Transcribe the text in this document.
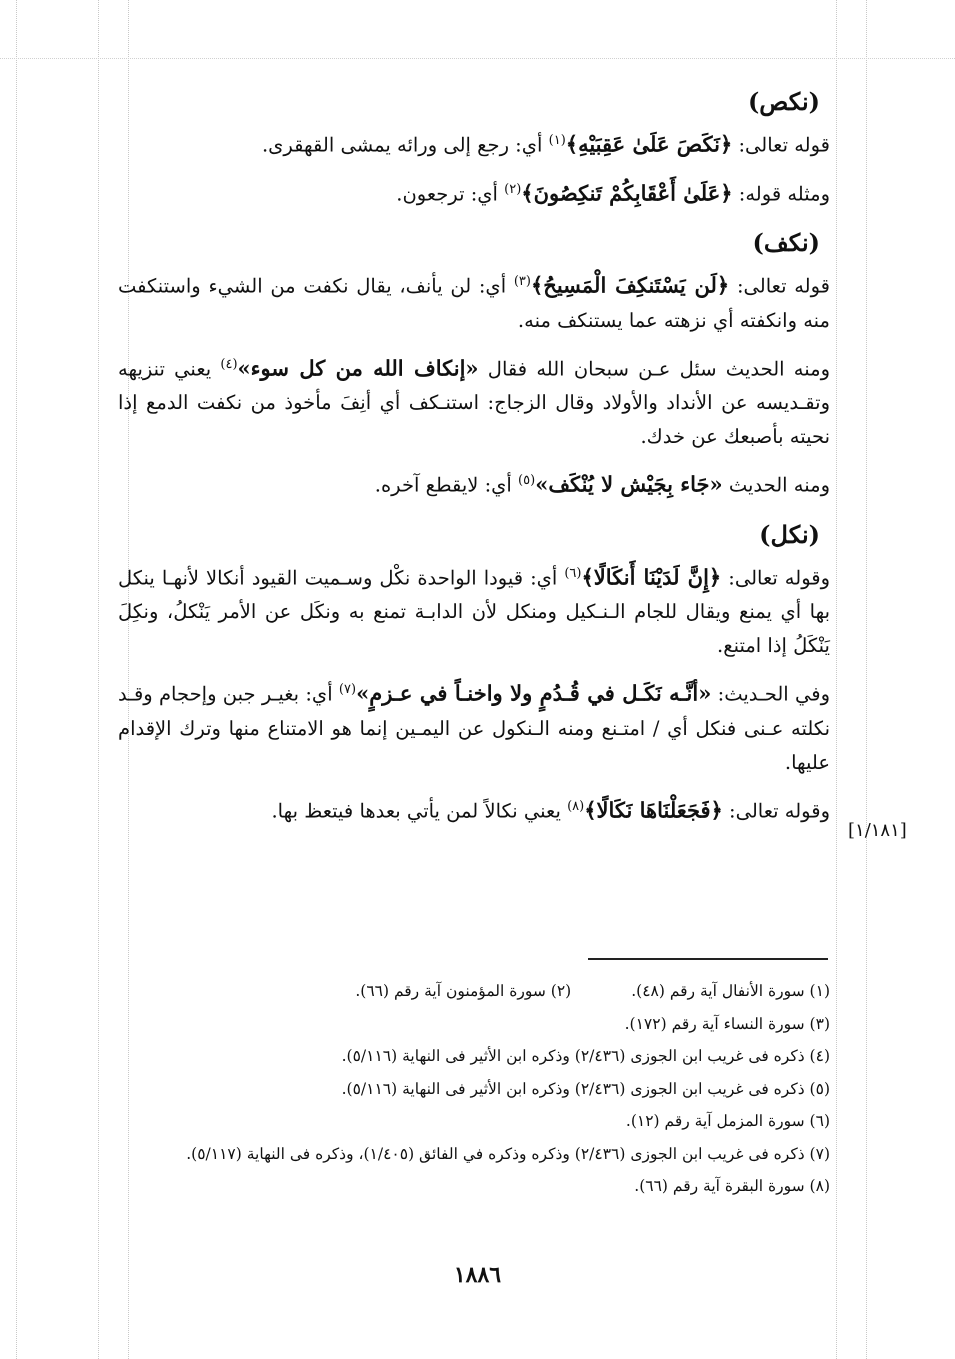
(نكص)

قوله تعالى: ﴿نَكَصَ عَلَىٰ عَقِبَيْهِ﴾$^{(١)}$ أي: رجع إلى ورائه يمشى القهقرى.

ومثله قوله: ﴿عَلَىٰ أَعْقَابِكُمْ تَنكِصُونَ﴾$^{(٢)}$ أي: ترجعون.

(نكف)

قوله تعالى: ﴿لَن يَسْتَنكِفَ الْمَسِيحُ﴾$^{(٣)}$ أي: لن يأنف، يقال نكفت من الشيء واستنكفت منه وانكفته أي نزهته عما يستنكف منه.

ومنه الحديث سئل عـن سبحان الله فقال «إنكاف الله من كل سوء»$^{(٤)}$ يعني تنزيهه وتقـديسه عن الأنداد والأولاد وقال الزجاج: استنـكف أي أنِفَ مأخوذ من نكفت الدمع إذا نحيته بأصبعك عن خدك.

ومنه الحديث «جَاء بِجَيْش لا يُنْكَف»$^{(٥)}$ أي: لايقطع آخره.

(نكل)

وقوله تعالى: ﴿إِنَّ لَدَيْنَا أَنكَالًا﴾$^{(٦)}$ أي: قيودا الواحدة نكْل وسـميت القيود أنكالا لأنهـا ينكل بها أي يمنع ويقال للجام الـنـكيل ومنكل لأن الدابـة تمنع به ونكَل عن الأمر يَنْكلُ، ونكِلَ يَنْكَلُ إذا امتنع.

وفي الحـديث: «أنَّـه نَكَـل في قُـدُمٍ ولا واخنـاً في عـزمٍ»$^{(٧)}$ أي: بغيـر جبن وإحجام وقـد نكلته عـنى فنكل أي / امتـنع ومنه الـنكول عن اليمـين إنما هو الامتناع منها وترك الإقدام عليها.

وقوله تعالى: ﴿فَجَعَلْنَاهَا نَكَالًا﴾$^{(٨)}$ يعني نكالاً لمن يأتي بعدها فيتعظ بها.

[١/١٨١]
(١) سورة الأنفال آية رقم (٤٨).
(٢) سورة المؤمنون آية رقم (٦٦).
(٣) سورة النساء آية رقم (١٧٢).
(٤) ذكره فى غريب ابن الجوزى (٢/٤٣٦) وذكره ابن الأثير فى النهاية (٥/١١٦).
(٥) ذكره فى غريب ابن الجوزى (٢/٤٣٦) وذكره ابن الأثير فى النهاية (٥/١١٦).
(٦) سورة المزمل آية رقم (١٢).
(٧) ذكره فى غريب ابن الجوزى (٢/٤٣٦) وذكره وذكره في الفائق (١/٤٠٥)، وذكره فى النهاية (٥/١١٧).
(٨) سورة البقرة آية رقم (٦٦).
١٨٨٦
